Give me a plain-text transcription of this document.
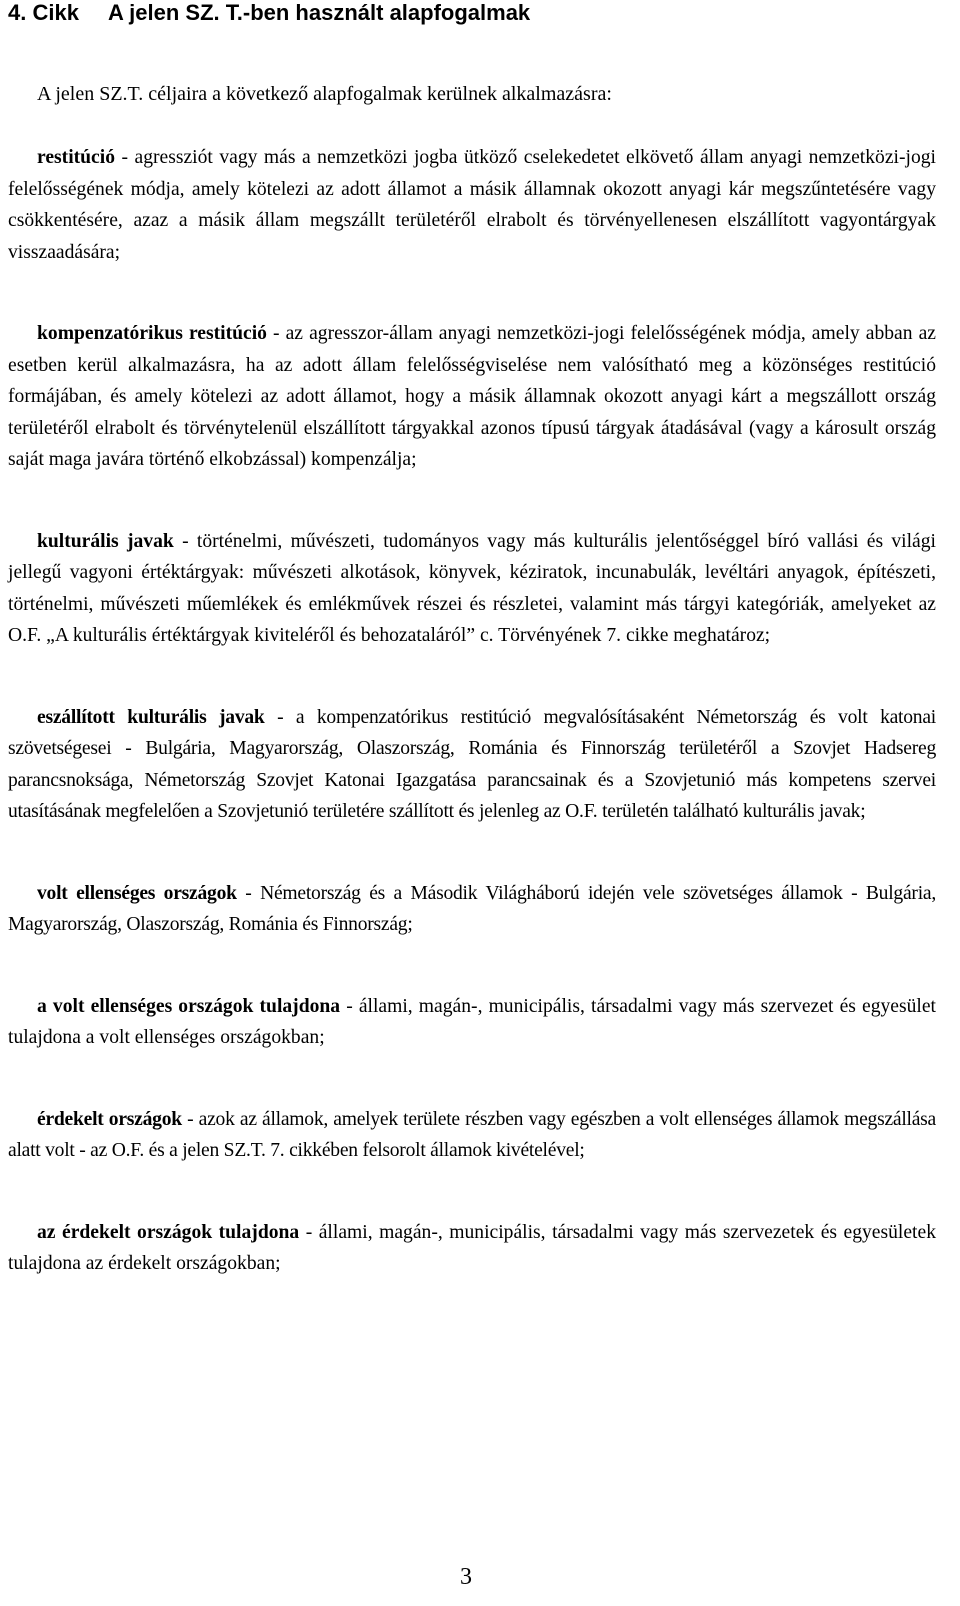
4. Cikk A jelen SZ. T.-ben használt alapfogalmak
A jelen SZ.T. céljaira a következő alapfogalmak kerülnek alkalmazásra:

restitúció - agressziót vagy más a nemzetközi jogba ütköző cselekedetet elkövető állam anyagi nemzetközi-jogi felelősségének módja, amely kötelezi az adott államot a másik államnak okozott anyagi kár megszűntetésére vagy csökkentésére, azaz a másik állam megszállt területéről elrabolt és törvényellenesen elszállított vagyontárgyak visszaadására;

kompenzatórikus restitúció - az agresszor-állam anyagi nemzetközi-jogi felelősségének módja, amely abban az esetben kerül alkalmazásra, ha az adott állam felelősségviselése nem valósítható meg a közönséges restitúció formájában, és amely kötelezi az adott államot, hogy a másik államnak okozott anyagi kárt a megszállott ország területéről elrabolt és törvénytelenül elszállított tárgyakkal azonos típusú tárgyak átadásával (vagy a károsult ország saját maga javára történő elkobzással) kompenzálja;

kulturális javak - történelmi, művészeti, tudományos vagy más kulturális jelentőséggel bíró vallási és világi jellegű vagyoni értéktárgyak: művészeti alkotások, könyvek, kéziratok, incunabulák, levéltári anyagok, építészeti, történelmi, művészeti műemlékek és emlékművek részei és részletei, valamint más tárgyi kategóriák, amelyeket az O.F. „A kulturális értéktárgyak kiviteléről és behozataláról” c. Törvényének 7. cikke meghatároz;

eszállított kulturális javak - a kompenzatórikus restitúció megvalósításaként Németország és volt katonai szövetségesei - Bulgária, Magyarország, Olaszország, Románia és Finnország területéről a Szovjet Hadsereg parancsnoksága, Németország Szovjet Katonai Igazgatása parancsainak és a Szovjetunió más kompetens szervei utasításának megfelelően a Szovjetunió területére szállított és jelenleg az O.F. területén található kulturális javak;

volt ellenséges országok - Németország és a Második Világháború idején vele szövetséges államok - Bulgária, Magyarország, Olaszország, Románia és Finnország;

a volt ellenséges országok tulajdona - állami, magán-, municipális, társadalmi vagy más szervezet és egyesület tulajdona a volt ellenséges országokban;

érdekelt országok - azok az államok, amelyek területe részben vagy egészben a volt ellenséges államok megszállása alatt volt - az O.F. és a jelen SZ.T. 7. cikkében felsorolt államok kivételével;

az érdekelt országok tulajdona - állami, magán-, municipális, társadalmi vagy más szervezetek és egyesületek tulajdona az érdekelt országokban;

3
